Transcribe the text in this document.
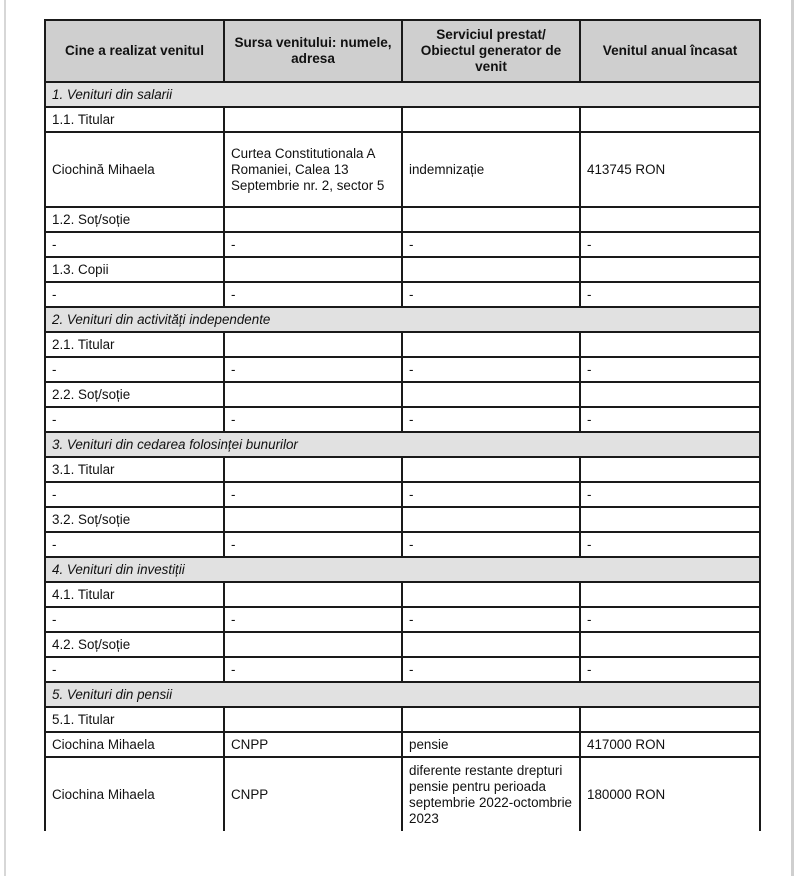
Cine a realizat venitul	Sursa venitului: numele, adresa	Serviciul prestat/ Obiectul generator de venit	Venitul anual încasat
1. Venituri din salarii			
1.1. Titular			
Ciochină Mihaela	Curtea Constitutionala A Romaniei, Calea 13 Septembrie nr. 2, sector 5	indemnizație	413745 RON
1.2. Soț/soție			
-	-	-	-
1.3. Copii			
-	-	-	-
2. Venituri din activități independente			
2.1. Titular			
-	-	-	-
2.2. Soț/soție			
-	-	-	-
3. Venituri din cedarea folosinței bunurilor			
3.1. Titular			
-	-	-	-
3.2. Soț/soție			
-	-	-	-
4. Venituri din investiții			
4.1. Titular			
-	-	-	-
4.2. Soț/soție			
-	-	-	-
5. Venituri din pensii			
5.1. Titular			
Ciochina Mihaela	CNPP	pensie	417000 RON
Ciochina Mihaela	CNPP	diferente restante drepturi pensie pentru perioada septembrie 2022-octombrie 2023	180000 RON
